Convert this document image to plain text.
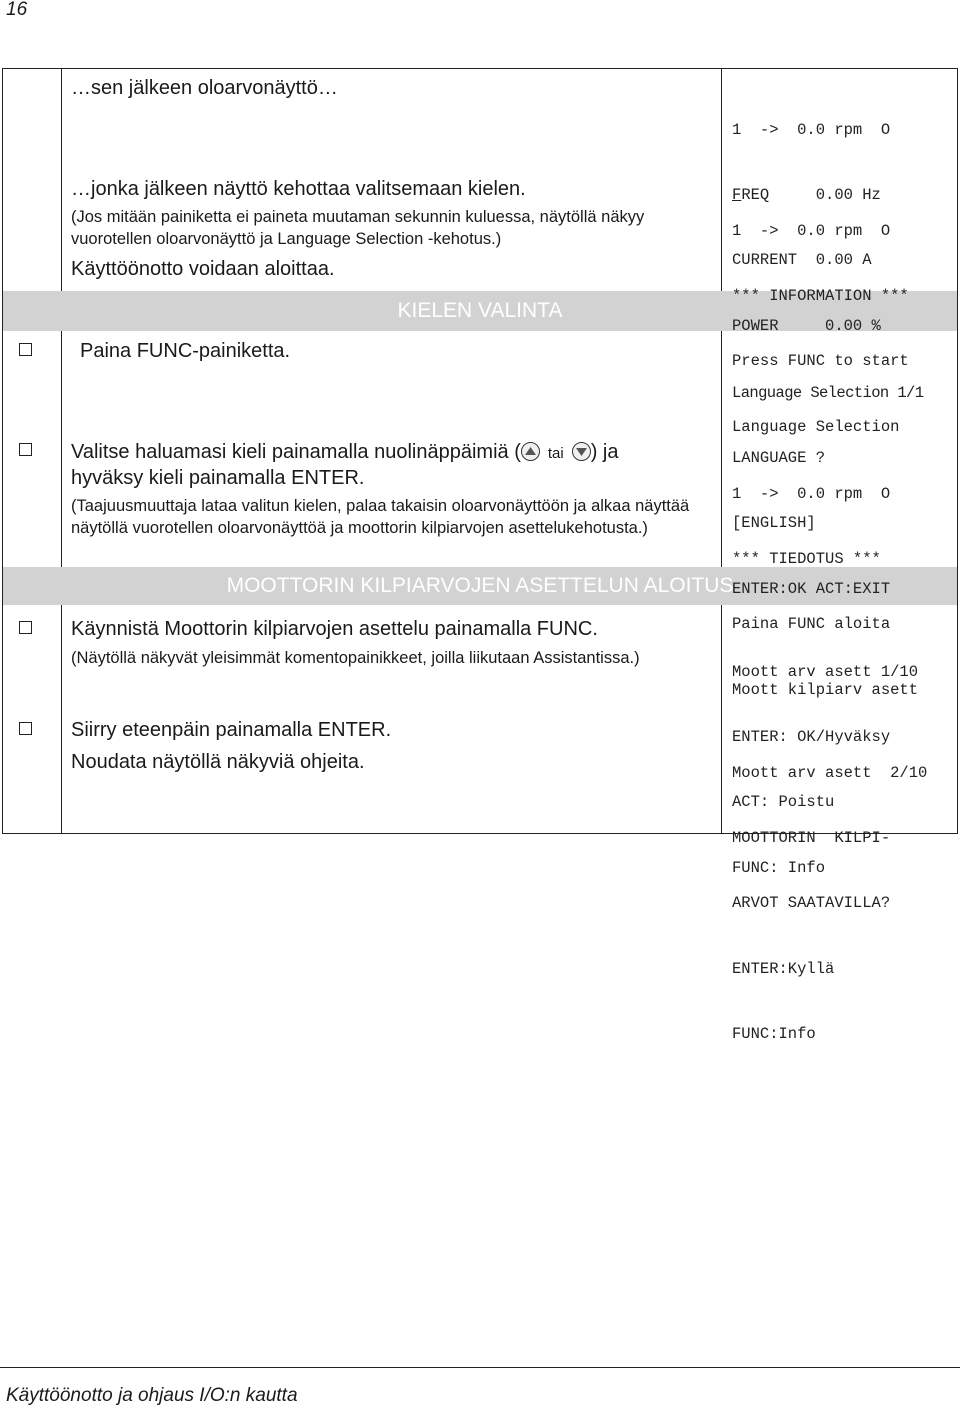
16
KIELEN VALINTA
MOOTTORIN KILPIARVOJEN ASETTELUN ALOITUS
…sen jälkeen oloarvonäyttö…

1  ->  0.0 rpm  O

FREQ     0.00 Hz

CURRENT  0.00 A

POWER     0.00 %

…jonka jälkeen näyttö kehottaa valitsemaan kielen.
(Jos mitään painiketta ei paineta muutaman sekunnin kuluessa, näytöllä näkyy vuorotellen oloarvonäyttö ja Language Selection -kehotus.)
Käyttöönotto voidaan aloittaa.

1  ->  0.0 rpm  O

*** INFORMATION ***

Press FUNC to start

Language Selection

Paina FUNC-painiketta.

Language Selection 1/1

LANGUAGE ?

[ENGLISH]

ENTER:OK ACT:EXIT

Valitse haluamasi kieli painamalla nuolinäppäimiä ( tai ) ja
hyväksy kieli painamalla ENTER.
(Taajuusmuuttaja lataa valitun kielen, palaa takaisin oloarvonäyttöön ja alkaa näyttää näytöllä vuorotellen oloarvonäyttöä ja moottorin kilpiarvojen asettelukehotusta.)

1  ->  0.0 rpm  O

*** TIEDOTUS ***

Paina FUNC aloita

Moott kilpiarv asett

Käynnistä Moottorin kilpiarvojen asettelu painamalla FUNC.
(Näytöllä näkyvät yleisimmät komentopainikkeet, joilla liikutaan Assistantissa.)

Moott arv asett 1/10

ENTER: OK/Hyväksy

ACT: Poistu

FUNC: Info

Siirry eteenpäin painamalla ENTER.
Noudata näytöllä näkyviä ohjeita.

	Moott arv asett  2/10

MOOTTORIN  KILPI-

ARVOT SAATAVILLA?

ENTER:Kyllä

FUNC:Info

Käyttöönotto ja ohjaus I/O:n kautta
